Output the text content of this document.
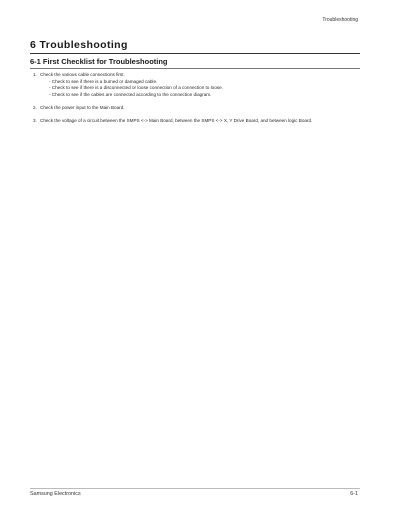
Troubleshooting
6 Troubleshooting
6-1 First Checklist for Troubleshooting
1. Check the various cable connections first.
- Check to see if there is a burned or damaged cable.
- Check to see if there is a disconnected or loose connection of a connection to loose.
- Check to see if the cables are connected according to the connection diagram.
2. Check the power input to the Main Board.
3. Check the voltage of a circuit between the SMPS <-> Main Board, between the SMPS <-> X, Y Drive Board, and between logic Board.
Samsung Electronics	6-1
